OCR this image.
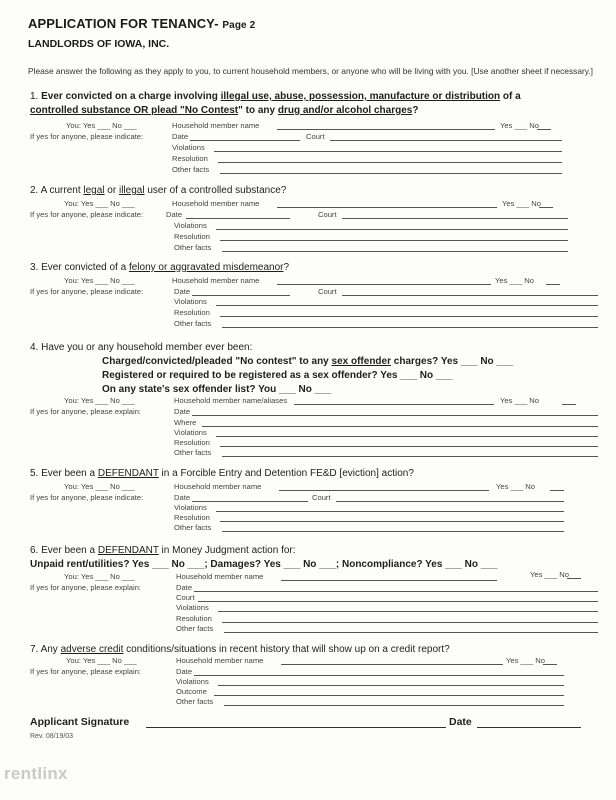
APPLICATION FOR TENANCY- Page 2
LANDLORDS OF IOWA, INC.
Please answer the following as they apply to you, to current household members, or anyone who will be living with you. [Use another sheet if necessary.]
1. Ever convicted on a charge involving illegal use, abuse, possession, manufacture or distribution of a
controlled substance OR plead "No Contest" to any drug and/or alcohol charges?
You: Yes ___ No ___	Household member name	Yes ___ No
If yes for anyone, please indicate:	Date	Court
Violations
Resolution
Other facts
2. A current legal or illegal user of a controlled substance?
You: Yes ___ No ___	Household member name	Yes ___ No
If yes for anyone, please indicate:	Date	Court
Violations
Resolution
Other facts
3. Ever convicted of a felony or aggravated misdemeanor?
You: Yes ___ No ___	Household member name	Yes ___ No
If yes for anyone, please indicate:	Date	Court
Violations
Resolution
Other facts
4. Have you or any household member ever been:
Charged/convicted/pleaded "No contest" to any sex offender charges? Yes ___ No ___
Registered or required to be registered as a sex offender? Yes ___ No ___
On any state's sex offender list? You ___ No ___
You: Yes ___ No ___	Household member name/aliases	Yes ___ No
If yes for anyone, please explain:	Date
Where
Violations
Resolution
Other facts
5. Ever been a DEFENDANT in a Forcible Entry and Detention FE&D [eviction] action?
You: Yes ___ No ___	Household member name	Yes ___ No
If yes for anyone, please indicate:	Date	Court
Violations
Resolution
Other facts
6. Ever been a DEFENDANT in Money Judgment action for:
Unpaid rent/utilities? Yes ___ No ___; Damages? Yes ___ No ___; Noncompliance? Yes ___ No ___
You: Yes ___ No ___	Household member name	Yes ___ No
If yes for anyone, please explain:	Date
Court
Violations
Resolution
Other facts
7. Any adverse credit conditions/situations in recent history that will show up on a credit report?
You: Yes ___ No ___	Household member name	Yes ___ No
If yes for anyone, please explain:	Date
Violations
Outcome
Other facts
Applicant Signature	Date
Rev. 08/19/03
rentlinx
